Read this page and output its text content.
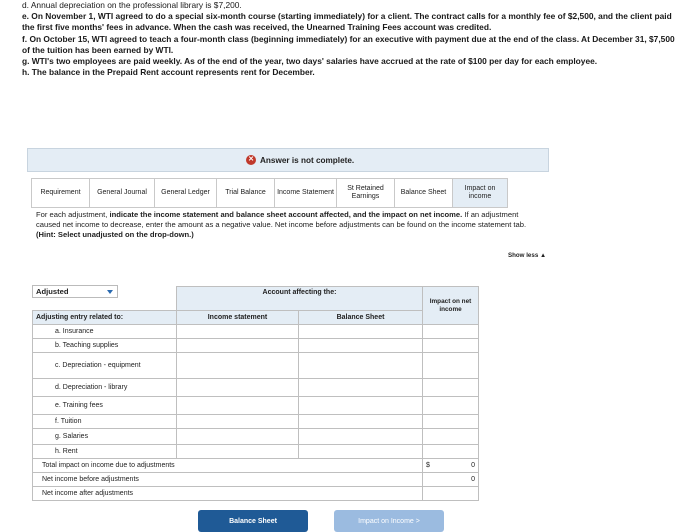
d. Annual depreciation on the professional library is $7,200.

e. On November 1, WTI agreed to do a special six-month course (starting immediately) for a client. The contract calls for a monthly fee of $2,500, and the client paid the first five months' fees in advance. When the cash was received, the Unearned Training Fees account was credited.

f. On October 15, WTI agreed to teach a four-month class (beginning immediately) for an executive with payment due at the end of the class. At December 31, $7,500 of the tuition has been earned by WTI.

g. WTI's two employees are paid weekly. As of the end of the year, two days' salaries have accrued at the rate of $100 per day for each employee.

h. The balance in the Prepaid Rent account represents rent for December.

✕ Answer is not complete.
Requirement	General Journal	General Ledger	Trial Balance	Income Statement
St Retained Earnings
Balance Sheet
Impact on income
For each adjustment, indicate the income statement and balance sheet account affected, and the impact on net income. If an adjustment caused net income to decrease, enter the amount as a negative value. Net income before adjustments can be found on the income statement tab. (Hint: Select unadjusted on the drop-down.)
Show less ▲
	Account affecting the:		Impact on net income
Adjusting entry related to:	Income statement	Balance Sheet	
a. Insurance			
b. Teaching supplies			
c. Depreciation - equipment			
d. Depreciation - library			
e. Training fees			
f. Tuition			
g. Salaries			
h. Rent			
Total impact on income due to adjustments			$ 0
Net income before adjustments			0
Net income after adjustments			
Adjusted
Balance Sheet	Impact on Income >
